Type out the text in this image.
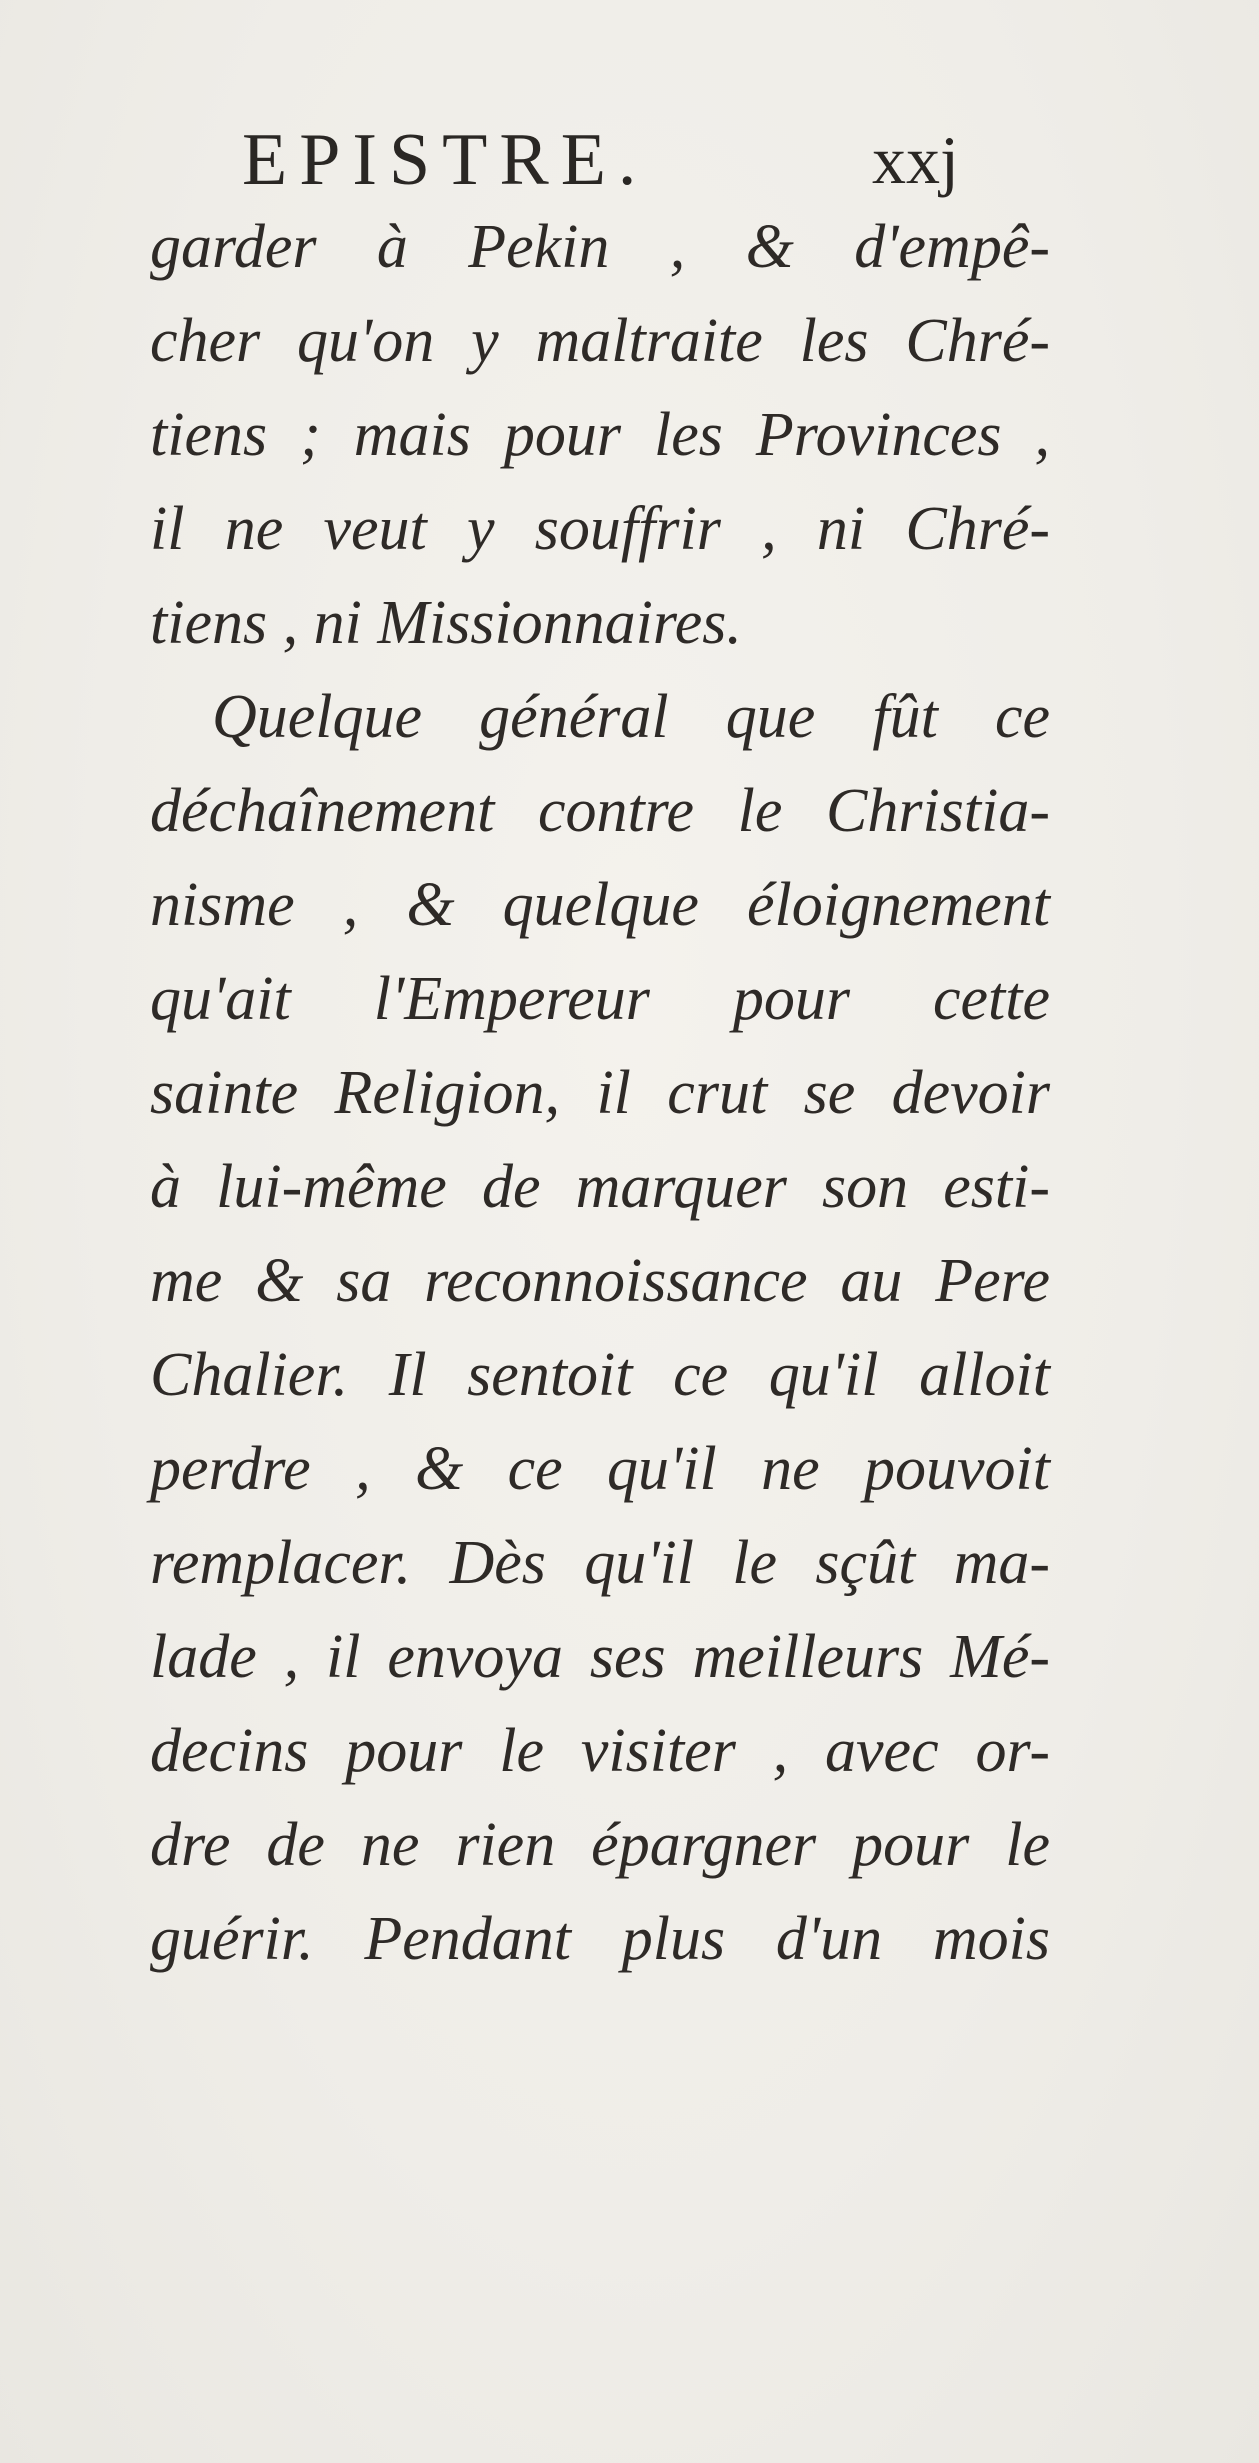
EPISTRE.	xxj
garder à Pekin , & d'empê-
cher qu'on y maltraite les Chré-
tiens ; mais pour les Provinces ,
il ne veut y souffrir , ni Chré-
tiens , ni Missionnaires.
Quelque général que fût ce
déchaînement contre le Christia-
nisme , & quelque éloignement
qu'ait l'Empereur pour cette
sainte Religion, il crut se devoir
à lui-même de marquer son esti-
me & sa reconnoissance au Pere
Chalier. Il sentoit ce qu'il alloit
perdre , & ce qu'il ne pouvoit
remplacer. Dès qu'il le sçût ma-
lade , il envoya ses meilleurs Mé-
decins pour le visiter , avec or-
dre de ne rien épargner pour le
guérir. Pendant plus d'un mois
